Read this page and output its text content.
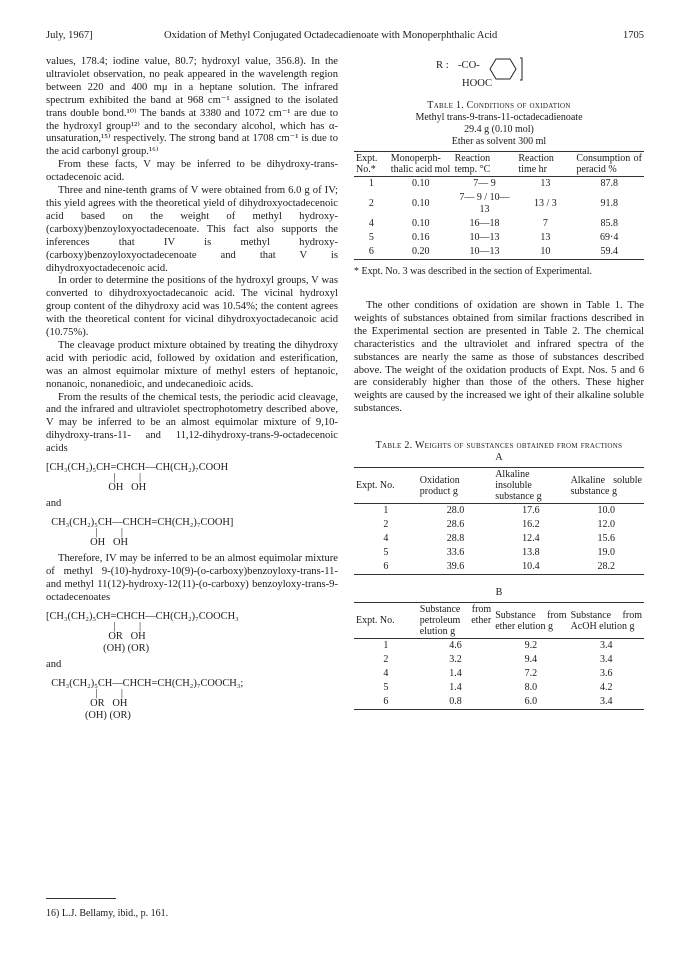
July, 1967]	Oxidation of Methyl Conjugated Octadecadienoate with Monoperphthalic Acid	1705

values, 178.4; iodine value, 80.7; hydroxyl value, 356.8). In the ultraviolet observation, no peak appeared in the wavelength region between 220 and 400 mμ in a heptane solution. The infrared spectrum exhibited the band at 968 cm⁻¹ assigned to the isolated trans double bond.¹⁰⁾ The bands at 3380 and 1072 cm⁻¹ are due to the hydroxyl group¹²⁾ and to the secondary alcohol, which has α-unsaturation,¹⁵⁾ respectively. The strong band at 1708 cm⁻¹ is due to the acid carbonyl group.¹⁶⁾

From these facts, V may be inferred to be dihydroxy-trans-octadecenoic acid.

Three and nine-tenth grams of V were obtained from 6.0 g of IV; this yield agrees with the theoretical yield of dihydroxyoctadecenoic acid based on the weight of methyl hydroxy-(carboxy)benzoyloxyoctadecenoate. This fact also supports the inferences that IV is methyl hydroxy-(carboxy)benzoyloxyoctadecenoate and that V is dihydroxyoctadecenoic acid.

In order to determine the positions of the hydroxyl groups, V was converted to dihydroxyoctadecanoic acid. The vicinal hydroxyl group content of the dihydroxy acid was 10.54%; the content agrees with the theoretical content for vicinal dihydroxyoctadecanoic acid (10.75%).

The cleavage product mixture obtained by treating the dihydroxy acid with periodic acid, followed by oxidation and esterification, was an almost equimolar mixture of methyl esters of heptanoic, nonanoic, nonanedioic, and undecanedioic acids.

From the results of the chemical tests, the periodic acid cleavage, and the infrared and ultraviolet spectrophotometry described above, V may be inferred to be an almost equimolar mixture of 9,10-dihydroxy-trans-11- and 11,12-dihydroxy-trans-9-octadecenoic acids

[CH₃(CH₂)₅CH=CHCH—CH(CH₂)₇COOH
|         |
OH   OH
and
CH₃(CH₂)₅CH—CHCH=CH(CH₂)₇COOH]
|         |
OH   OH

Therefore, IV may be inferred to be an almost equimolar mixture of methyl 9-(10)-hydroxy-10(9)-(o-carboxy)benzoyloxy-trans-11- and methyl 11(12)-hydroxy-12(11)-(o-carboxy) benzoyloxy-trans-9-octadecenoates

[CH₃(CH₂)₅CH=CHCH—CH(CH₂)₇COOCH₃
|         |
OR   OH
(OH) (OR)
and
CH₃(CH₂)₅CH—CHCH=CH(CH₂)₇COOCH₃;
|         |
OR   OH
(OH) (OR)
16) L.J. Bellamy, ibid., p. 161.
R : -CO-
HOOC
Table 1. Conditions of oxidation
Methyl trans-9-trans-11-octadecadienoate
29.4 g (0.10 mol)
Ether as solvent 300 ml
Expt. No.*	Monoperph-thalic acid mol	Reaction temp. °C	Reaction time hr	Consumption of peracid %
1	0.10	7— 9	13	87.8
2	0.10	7— 9 / 10—13	13 / 3	91.8
4	0.10	16—18	7	85.8
5	0.16	10—13	13	69·4
6	0.20	10—13	10	59.4
* Expt. No. 3 was described in the section of Experimental.

The other conditions of oxidation are shown in Table 1. The weights of substances obtained from similar fractions described in the Experimental section are presented in Table 2. The chemical characteristics and the ultraviolet and infrared spectra of the substances are nearly the same as those of substances described above. The weight of the oxidation products of Expt. Nos. 5 and 6 are considerably higher than those of the others. These higher weights are caused by the increased we ight of their alkaline soluble substances.

Table 2. Weights of substances obtained from fractions
A
Expt. No.	Oxidation product g	Alkaline insoluble substance g	Alkaline soluble substance g
1	28.0	17.6	10.0
2	28.6	16.2	12.0
4	28.8	12.4	15.6
5	33.6	13.8	19.0
6	39.6	10.4	28.2
B
Expt. No.	Substance from petroleum ether elution g	Substance from ether elution g	Substance from AcOH elution g
1	4.6	9.2	3.4
2	3.2	9.4	3.4
4	1.4	7.2	3.6
5	1.4	8.0	4.2
6	0.8	6.0	3.4
